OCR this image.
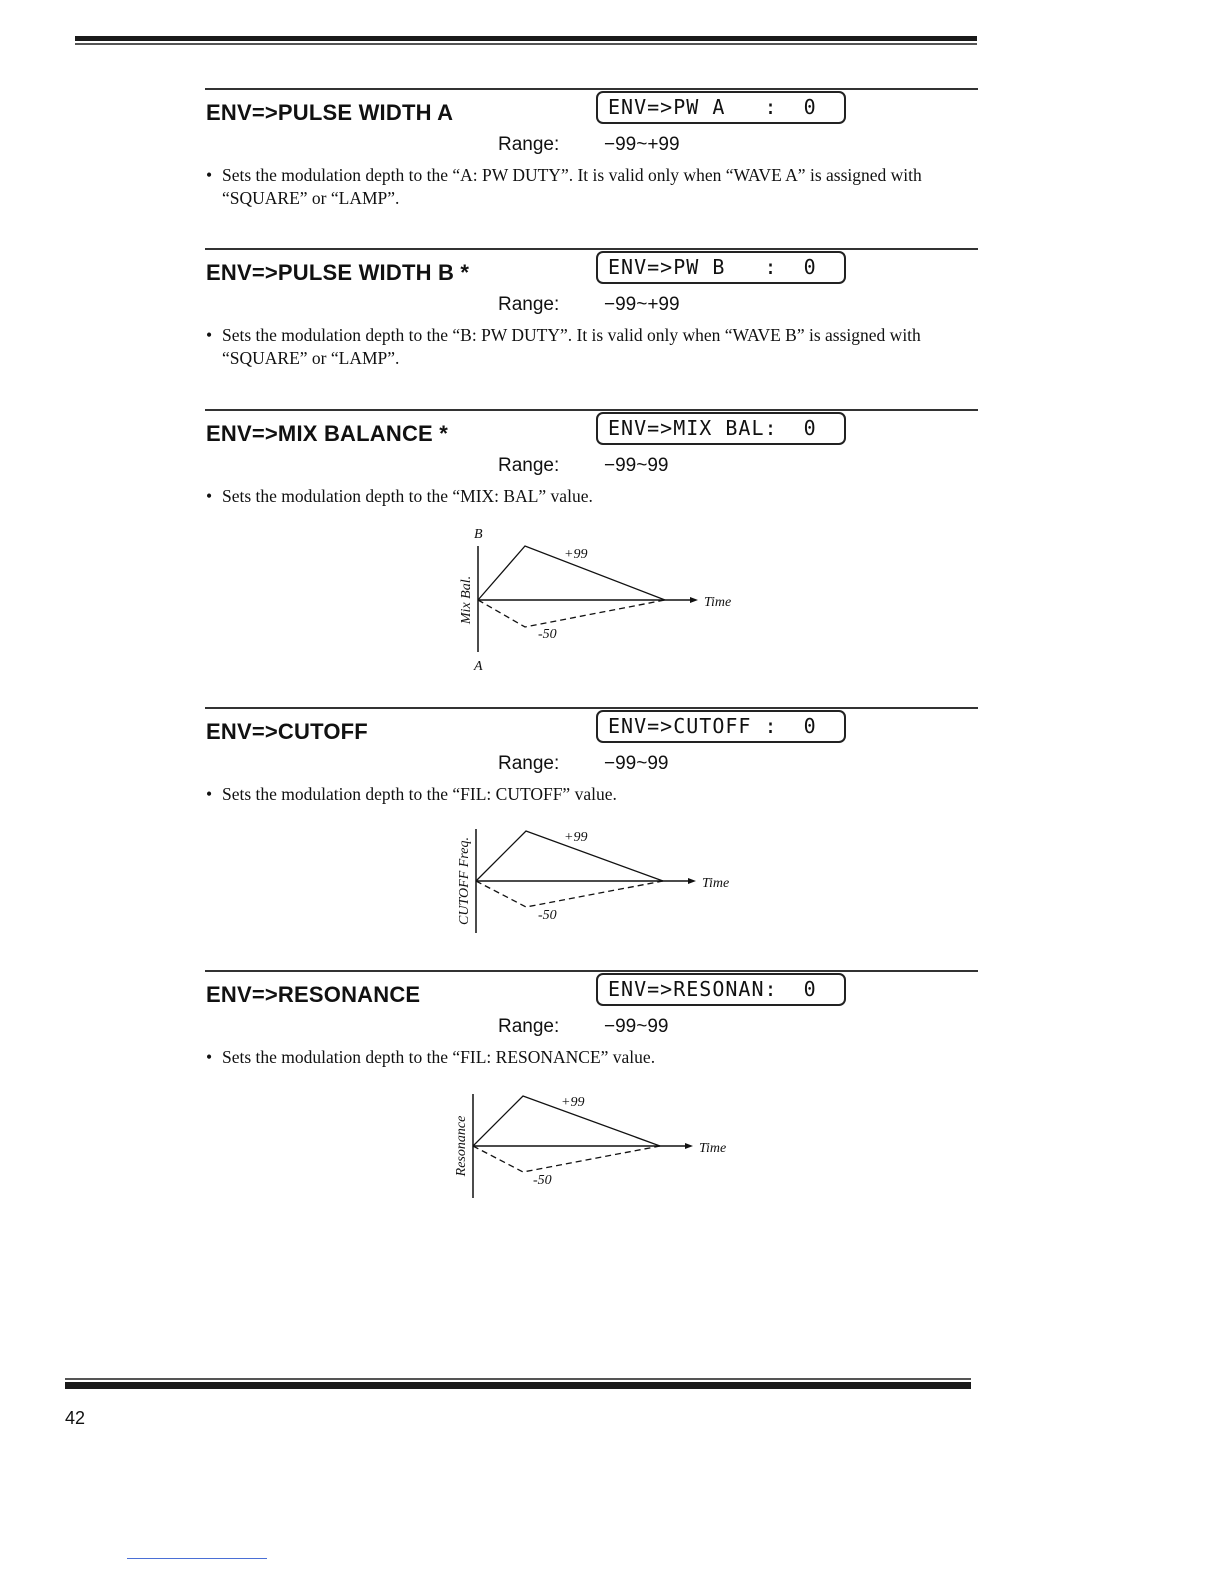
ENV=>PULSE WIDTH A	ENV=>PW A   :  0
Range: −99~+99
• Sets the modulation depth to the “A: PW DUTY”. It is valid only when “WAVE A” is assigned with “SQUARE” or “LAMP”.
ENV=>PULSE WIDTH B *	ENV=>PW B   :  0
Range: −99~+99
• Sets the modulation depth to the “B: PW DUTY”. It is valid only when “WAVE B” is assigned with “SQUARE” or “LAMP”.
ENV=>MIX BALANCE *	ENV=>MIX BAL:  0
Range: −99~99
• Sets the modulation depth to the “MIX: BAL” value.
B
A
Mix Bal.	Time
+99
-50
ENV=>CUTOFF	ENV=>CUTOFF :  0
Range: −99~99
• Sets the modulation depth to the “FIL: CUTOFF” value.
CUTOFF Freq.	Time
+99
-50
ENV=>RESONANCE	ENV=>RESONAN:  0
Range: −99~99
• Sets the modulation depth to the “FIL: RESONANCE” value.
Resonance	Time
+99
-50
42
